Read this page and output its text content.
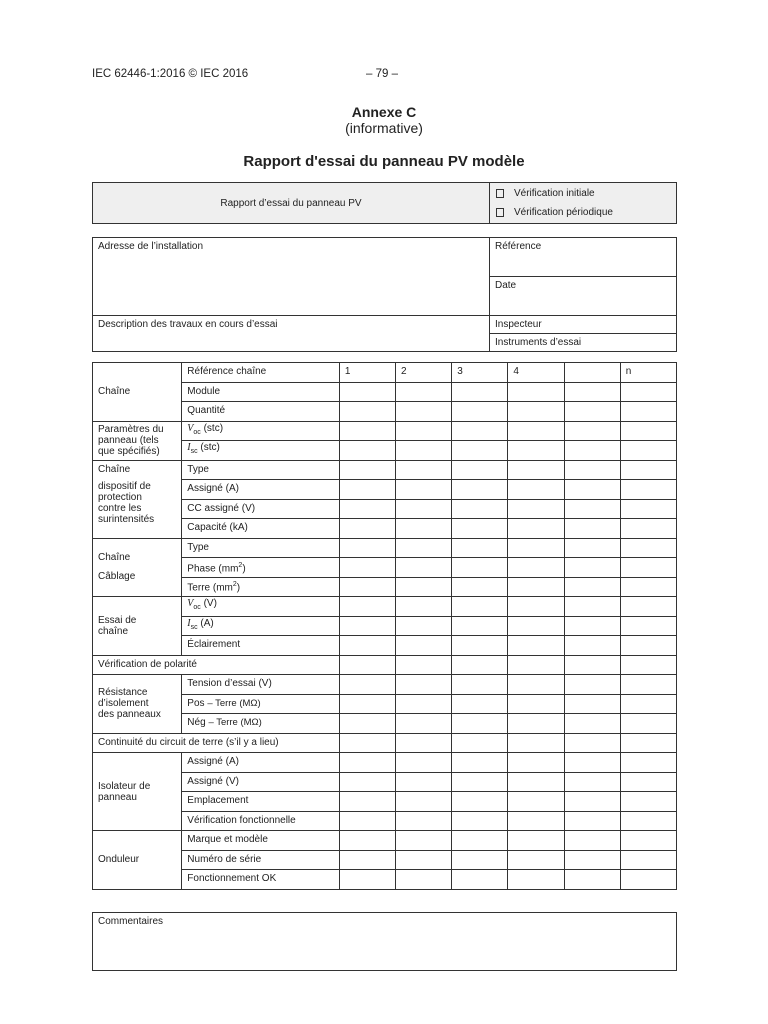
IEC 62446-1:2016 © IEC 2016	– 79 –
Annexe C
(informative)
Rapport d'essai du panneau PV modèle
Rapport d’essai du panneau PV	
Vérification initiale
Vérification périodique
Adresse de l’installation	Référence
	Date
Description des travaux en cours d’essai	Inspecteur
	Instruments d’essai
Chaîne	Référence chaîne	1	2	3	4		n
	Module						
	Quantité						

Paramètres du
panneau (tels
que spécifiés)	$V_{oc}$ (stc)						
	$I_{sc}$ (stc)						

Chaîne
dispositif de
protection
contre les
surintensités	Type						
	Assigné (A)						
	CC assigné (V)						
	Capacité (kA)						

Chaîne
Câblage	Type						
	Phase $(mm^2)$						
	Terre $(mm^2)$						

Essai de
chaîne	$V_{oc}$ (V)						
	$I_{sc}$ (A)						
	Éclairement						
Vérification de polarité							

Résistance
d’isolement
des panneaux	Tension d’essai (V)						
	Pos – Terre (MΩ)						
	Nég – Terre (MΩ)						
Continuité du circuit de terre (s’il y a lieu)							

Isolateur de
panneau	Assigné (A)						
	Assigné (V)						
	Emplacement						
	Vérification fonctionnelle						
Onduleur	Marque et modèle						
	Numéro de série						
	Fonctionnement OK						
Commentaires
